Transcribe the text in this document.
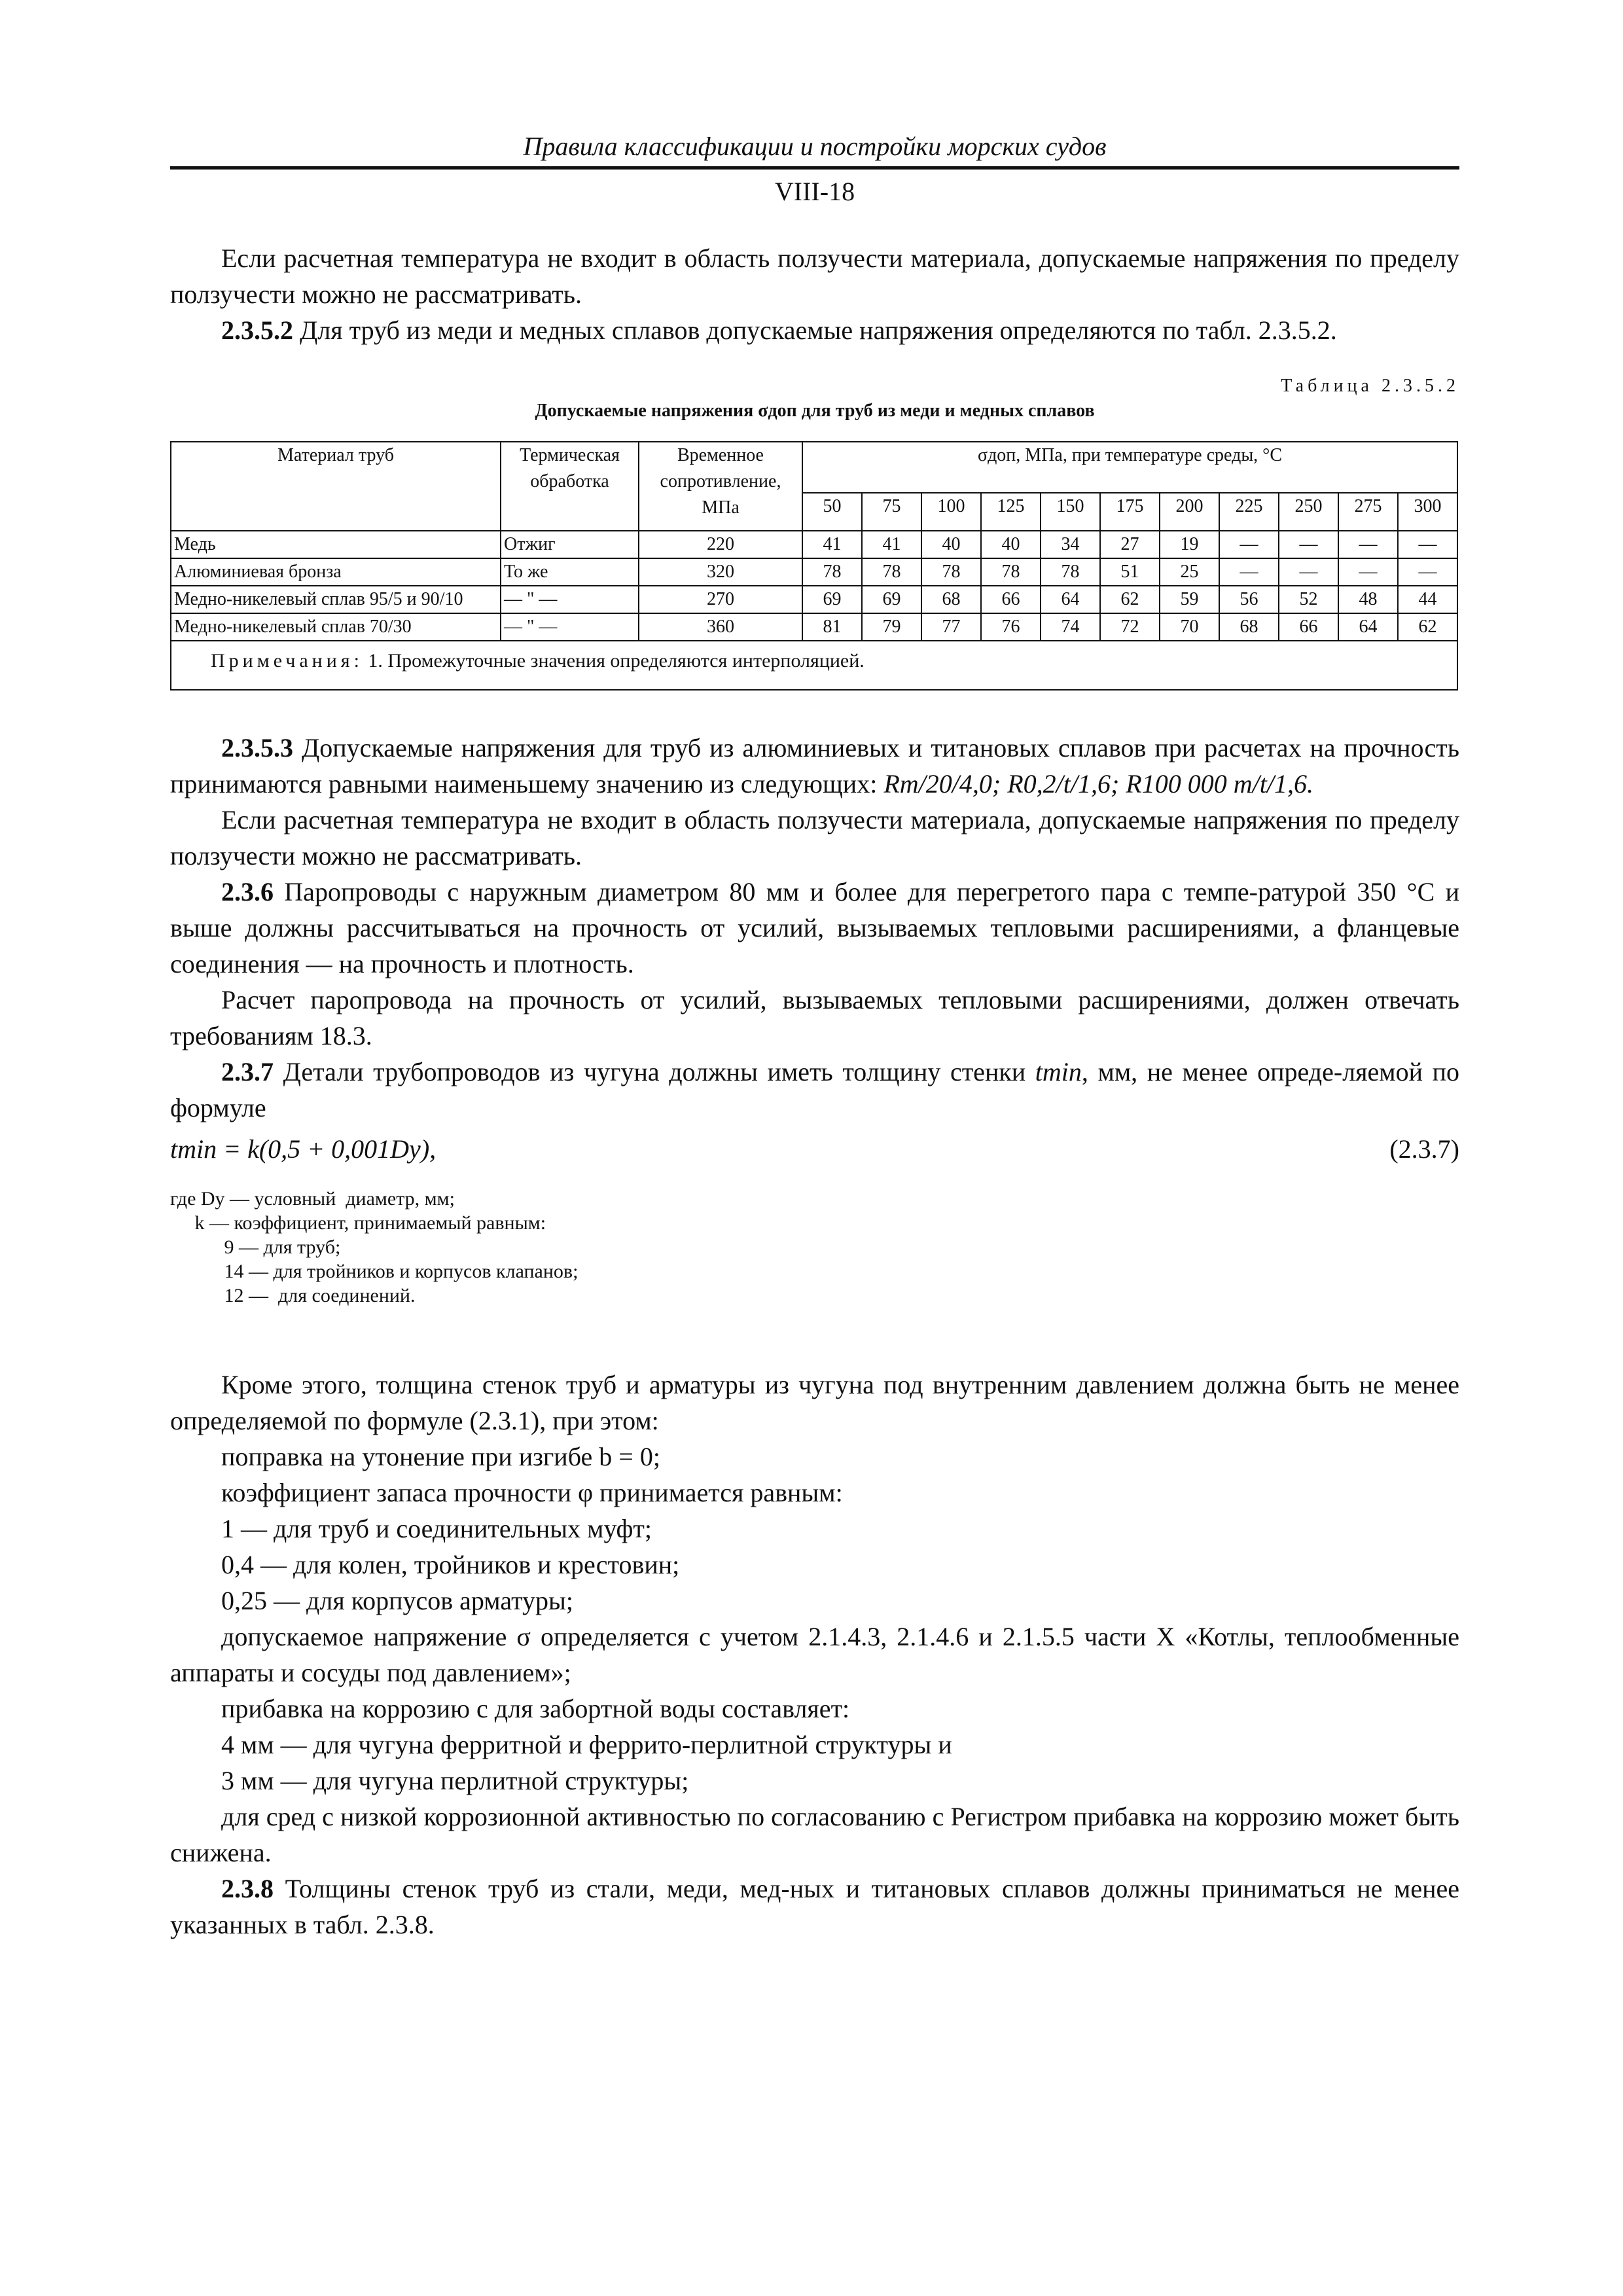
Правила классификации и постройки морских судов
VIII-18

Если расчетная температура не входит в область ползучести материала, допускаемые напряжения по пределу ползучести можно не рассматривать.

2.3.5.2 Для труб из меди и медных сплавов допускаемые напряжения определяются по табл. 2.3.5.2.

Таблица 2.3.5.2
Допускаемые напряжения σдоп для труб из меди и медных сплавов
Материал труб	Термическая обработка	Временное сопротивление, МПа	σдоп, МПа, при температуре среды, °С										
			50	75	100	125	150	175	200	225	250	275	300
Медь	Отжиг	220	41	41	40	40	34	27	19	—	—	—	—
Алюминиевая бронза	То же	320	78	78	78	78	78	51	25	—	—	—	—
Медно-никелевый сплав 95/5 и 90/10	— " —	270	69	69	68	66	64	62	59	56	52	48	44
Медно-никелевый сплав 70/30	— " —	360	81	79	77	76	74	72	70	68	66	64	62
Примечания: 1. Промежуточные значения определяются интерполяцией.													

2.3.5.3 Допускаемые напряжения для труб из алюминиевых и титановых сплавов при расчетах на прочность принимаются равными наименьшему значению из следующих: Rm/20/4,0; R0,2/t/1,6; R100 000 m/t/1,6.

Если расчетная температура не входит в область ползучести материала, допускаемые напряжения по пределу ползучести можно не рассматривать.

2.3.6 Паропроводы с наружным диаметром 80 мм и более для перегретого пара с темпе-ратурой 350 °С и выше должны рассчитываться на прочность от усилий, вызываемых тепловыми расширениями, а фланцевые соединения — на прочность и плотность.

Расчет паропровода на прочность от усилий, вызываемых тепловыми расширениями, должен отвечать требованиям 18.3.

2.3.7 Детали трубопроводов из чугуна должны иметь толщину стенки tmin, мм, не менее опреде-ляемой по формуле

tmin = k(0,5 + 0,001Dy),	(2.3.7)
где Dy — условный  диаметр, мм;
k — коэффициент, принимаемый равным:
9 — для труб;
14 — для тройников и корпусов клапанов;
12 —  для соединений.

Кроме этого, толщина стенок труб и арматуры из чугуна под внутренним давлением должна быть не менее определяемой по формуле (2.3.1), при этом:

поправка на утонение при изгибе b = 0;

коэффициент запаса прочности φ принимается равным:

1 — для труб и соединительных муфт;

0,4 — для колен, тройников и крестовин;

0,25 — для корпусов арматуры;

допускаемое напряжение σ определяется с учетом 2.1.4.3, 2.1.4.6 и 2.1.5.5 части X «Котлы, теплообменные аппараты и сосуды под давлением»;

прибавка на коррозию c для забортной воды составляет:

4 мм — для чугуна ферритной и феррито-перлитной структуры и

3 мм — для чугуна перлитной структуры;

для сред с низкой коррозионной активностью по согласованию с Регистром прибавка на коррозию может быть снижена.

2.3.8 Толщины стенок труб из стали, меди, мед-ных и титановых сплавов должны приниматься не менее указанных в табл. 2.3.8.
